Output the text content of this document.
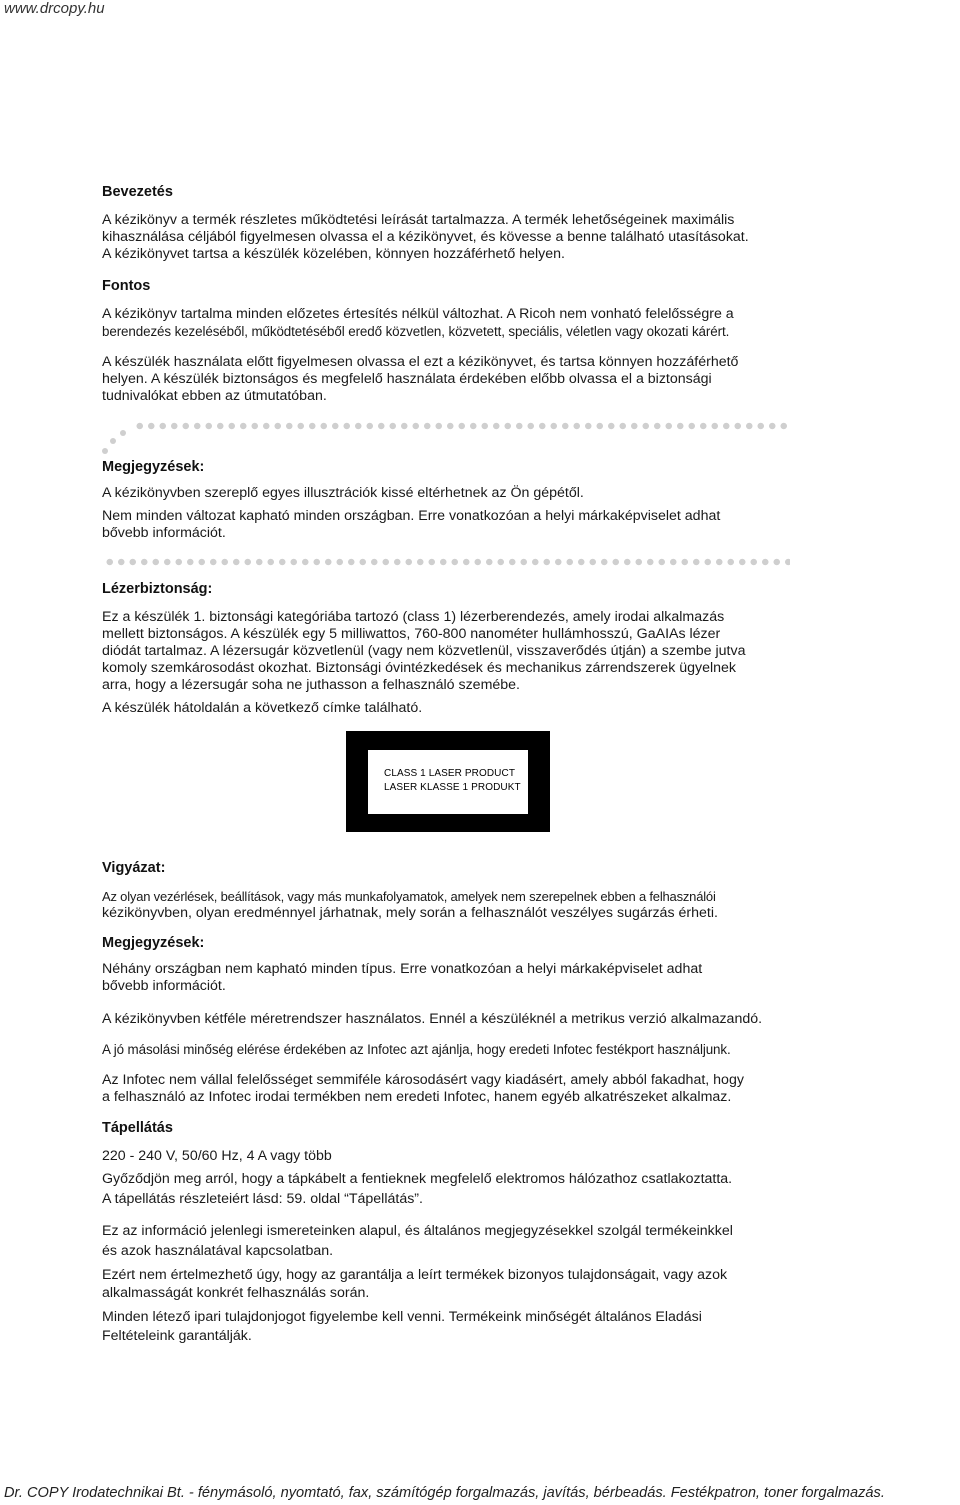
www.drcopy.hu
Bevezetés
A kézikönyv a termék részletes működtetési leírását tartalmazza. A termék lehetőségeinek maximális
kihasználása céljából figyelmesen olvassa el a kézikönyvet, és kövesse a benne található utasításokat.
A kézikönyvet tartsa a készülék közelében, könnyen hozzáférhető helyen.
Fontos
A kézikönyv tartalma minden előzetes értesítés nélkül változhat. A Ricoh nem vonható felelősségre a
berendezés kezeléséből, működtetéséből eredő közvetlen, közvetett, speciális, véletlen vagy okozati kárért.
A készülék használata előtt figyelmesen olvassa el ezt a kézikönyvet, és tartsa könnyen hozzáférhető
helyen. A készülék biztonságos és megfelelő használata érdekében előbb olvassa el a biztonsági
tudnivalókat ebben az útmutatóban.
Megjegyzések:
A kézikönyvben szereplő egyes illusztrációk kissé eltérhetnek az Ön gépétől.
Nem minden változat kapható minden országban. Erre vonatkozóan a helyi márkaképviselet adhat
bővebb információt.
Lézerbiztonság:
Ez a készülék 1. biztonsági kategóriába tartozó (class 1) lézerberendezés, amely irodai alkalmazás
mellett biztonságos. A készülék egy 5 milliwattos, 760-800 nanométer hullámhosszú, GaAIAs lézer
diódát tartalmaz. A lézersugár közvetlenül (vagy nem közvetlenül, visszaverődés útján) a szembe jutva
komoly szemkárosodást okozhat. Biztonsági óvintézkedések és mechanikus zárrendszerek ügyelnek
arra, hogy a lézersugár soha ne juthasson a felhasználó szemébe.
A készülék hátoldalán a következő címke található.
CLASS 1 LASER PRODUCT
LASER KLASSE 1 PRODUKT
Vigyázat:
Az olyan vezérlések, beállítások, vagy más munkafolyamatok, amelyek nem szerepelnek ebben a felhasználói
kézikönyvben, olyan eredménnyel járhatnak, mely során a felhasználót veszélyes sugárzás érheti.
Megjegyzések:
Néhány országban nem kapható minden típus. Erre vonatkozóan a helyi márkaképviselet adhat
bővebb információt.
A kézikönyvben kétféle méretrendszer használatos. Ennél a készüléknél a metrikus verzió alkalmazandó.
A jó másolási minőség elérése érdekében az Infotec azt ajánlja, hogy eredeti Infotec festékport használjunk.
Az Infotec nem vállal felelősséget semmiféle károsodásért vagy kiadásért, amely abból fakadhat, hogy
a felhasználó az Infotec irodai termékben nem eredeti Infotec, hanem egyéb alkatrészeket alkalmaz.
Tápellátás
220 - 240 V, 50/60 Hz, 4 A vagy több
Győződjön meg arról, hogy a tápkábelt a fentieknek megfelelő elektromos hálózathoz csatlakoztatta.
A tápellátás részleteiért lásd: 59. oldal “Tápellátás”.
Ez az információ jelenlegi ismereteinken alapul, és általános megjegyzésekkel szolgál termékeinkkel
és azok használatával kapcsolatban.
Ezért nem értelmezhető úgy, hogy az garantálja a leírt termékek bizonyos tulajdonságait, vagy azok
alkalmasságát konkrét felhasználás során.
Minden létező ipari tulajdonjogot figyelembe kell venni. Termékeink minőségét általános Eladási
Feltételeink garantálják.
Dr. COPY Irodatechnikai Bt. - fénymásoló, nyomtató, fax, számítógép forgalmazás, javítás, bérbeadás. Festékpatron, toner forgalmazás.
